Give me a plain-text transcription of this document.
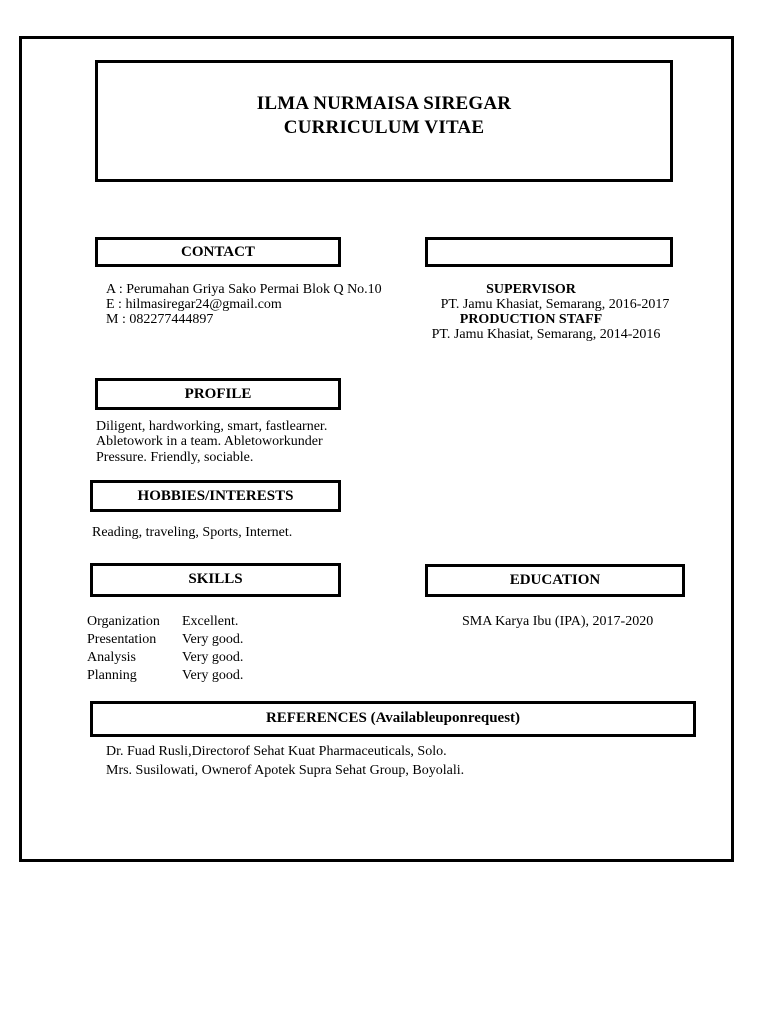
ILMA NURMAISA SIREGAR
CURRICULUM VITAE
CONTACT
A : Perumahan Griya Sako Permai Blok Q No.10
E : hilmasiregar24@gmail.com
M : 082277444897
SUPERVISOR
PT. Jamu Khasiat, Semarang, 2016-2017
PRODUCTION STAFF
PT. Jamu Khasiat, Semarang, 2014-2016
PROFILE
Diligent, hardworking, smart, fastlearner.
Abletowork in a team. Abletoworkunder
Pressure. Friendly, sociable.
HOBBIES/INTERESTS
Reading, traveling, Sports, Internet.
SKILLS
Organization Excellent.
Presentation Very good.
Analysis	Very good.
Planning	Very good.
EDUCATION
SMA Karya Ibu (IPA), 2017-2020
REFERENCES (Availableuponrequest)
Dr. Fuad Rusli,Directorof Sehat Kuat Pharmaceuticals, Solo.
Mrs. Susilowati, Ownerof Apotek Supra Sehat Group, Boyolali.
